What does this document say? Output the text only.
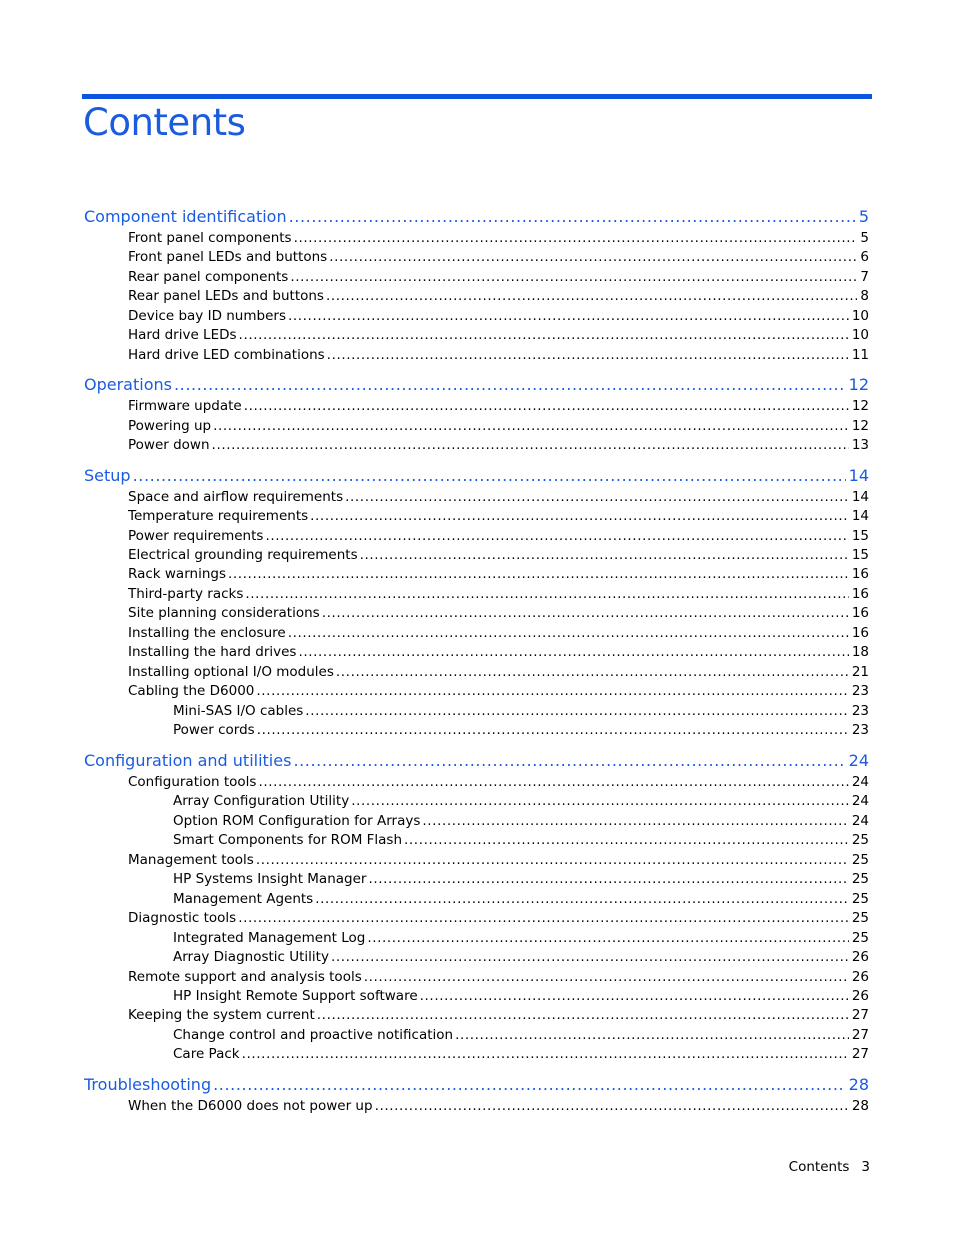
Contents
Component identification .....	5
Front panel components .....	5
Front panel LEDs and buttons .....	6
Rear panel components .....	7
Rear panel LEDs and buttons .....	8
Device bay ID numbers .....	10
Hard drive LEDs .....	10
Hard drive LED combinations .....	11
Operations .....	12
Firmware update .....	12
Powering up .....	12
Power down .....	13
Setup .....	14
Space and airflow requirements .....	14
Temperature requirements .....	14
Power requirements .....	15
Electrical grounding requirements .....	15
Rack warnings .....	16
Third-party racks .....	16
Site planning considerations .....	16
Installing the enclosure .....	16
Installing the hard drives .....	18
Installing optional I/O modules .....	21
Cabling the D6000 .....	23
Mini-SAS I/O cables .....	23
Power cords .....	23
Configuration and utilities .....	24
Configuration tools .....	24
Array Configuration Utility .....	24
Option ROM Configuration for Arrays .....	24
Smart Components for ROM Flash .....	25
Management tools .....	25
HP Systems Insight Manager .....	25
Management Agents .....	25
Diagnostic tools .....	25
Integrated Management Log .....	25
Array Diagnostic Utility .....	26
Remote support and analysis tools .....	26
HP Insight Remote Support software .....	26
Keeping the system current .....	27
Change control and proactive notification .....	27
Care Pack .....	27
Troubleshooting .....	28
When the D6000 does not power up .....	28
Contents 3
